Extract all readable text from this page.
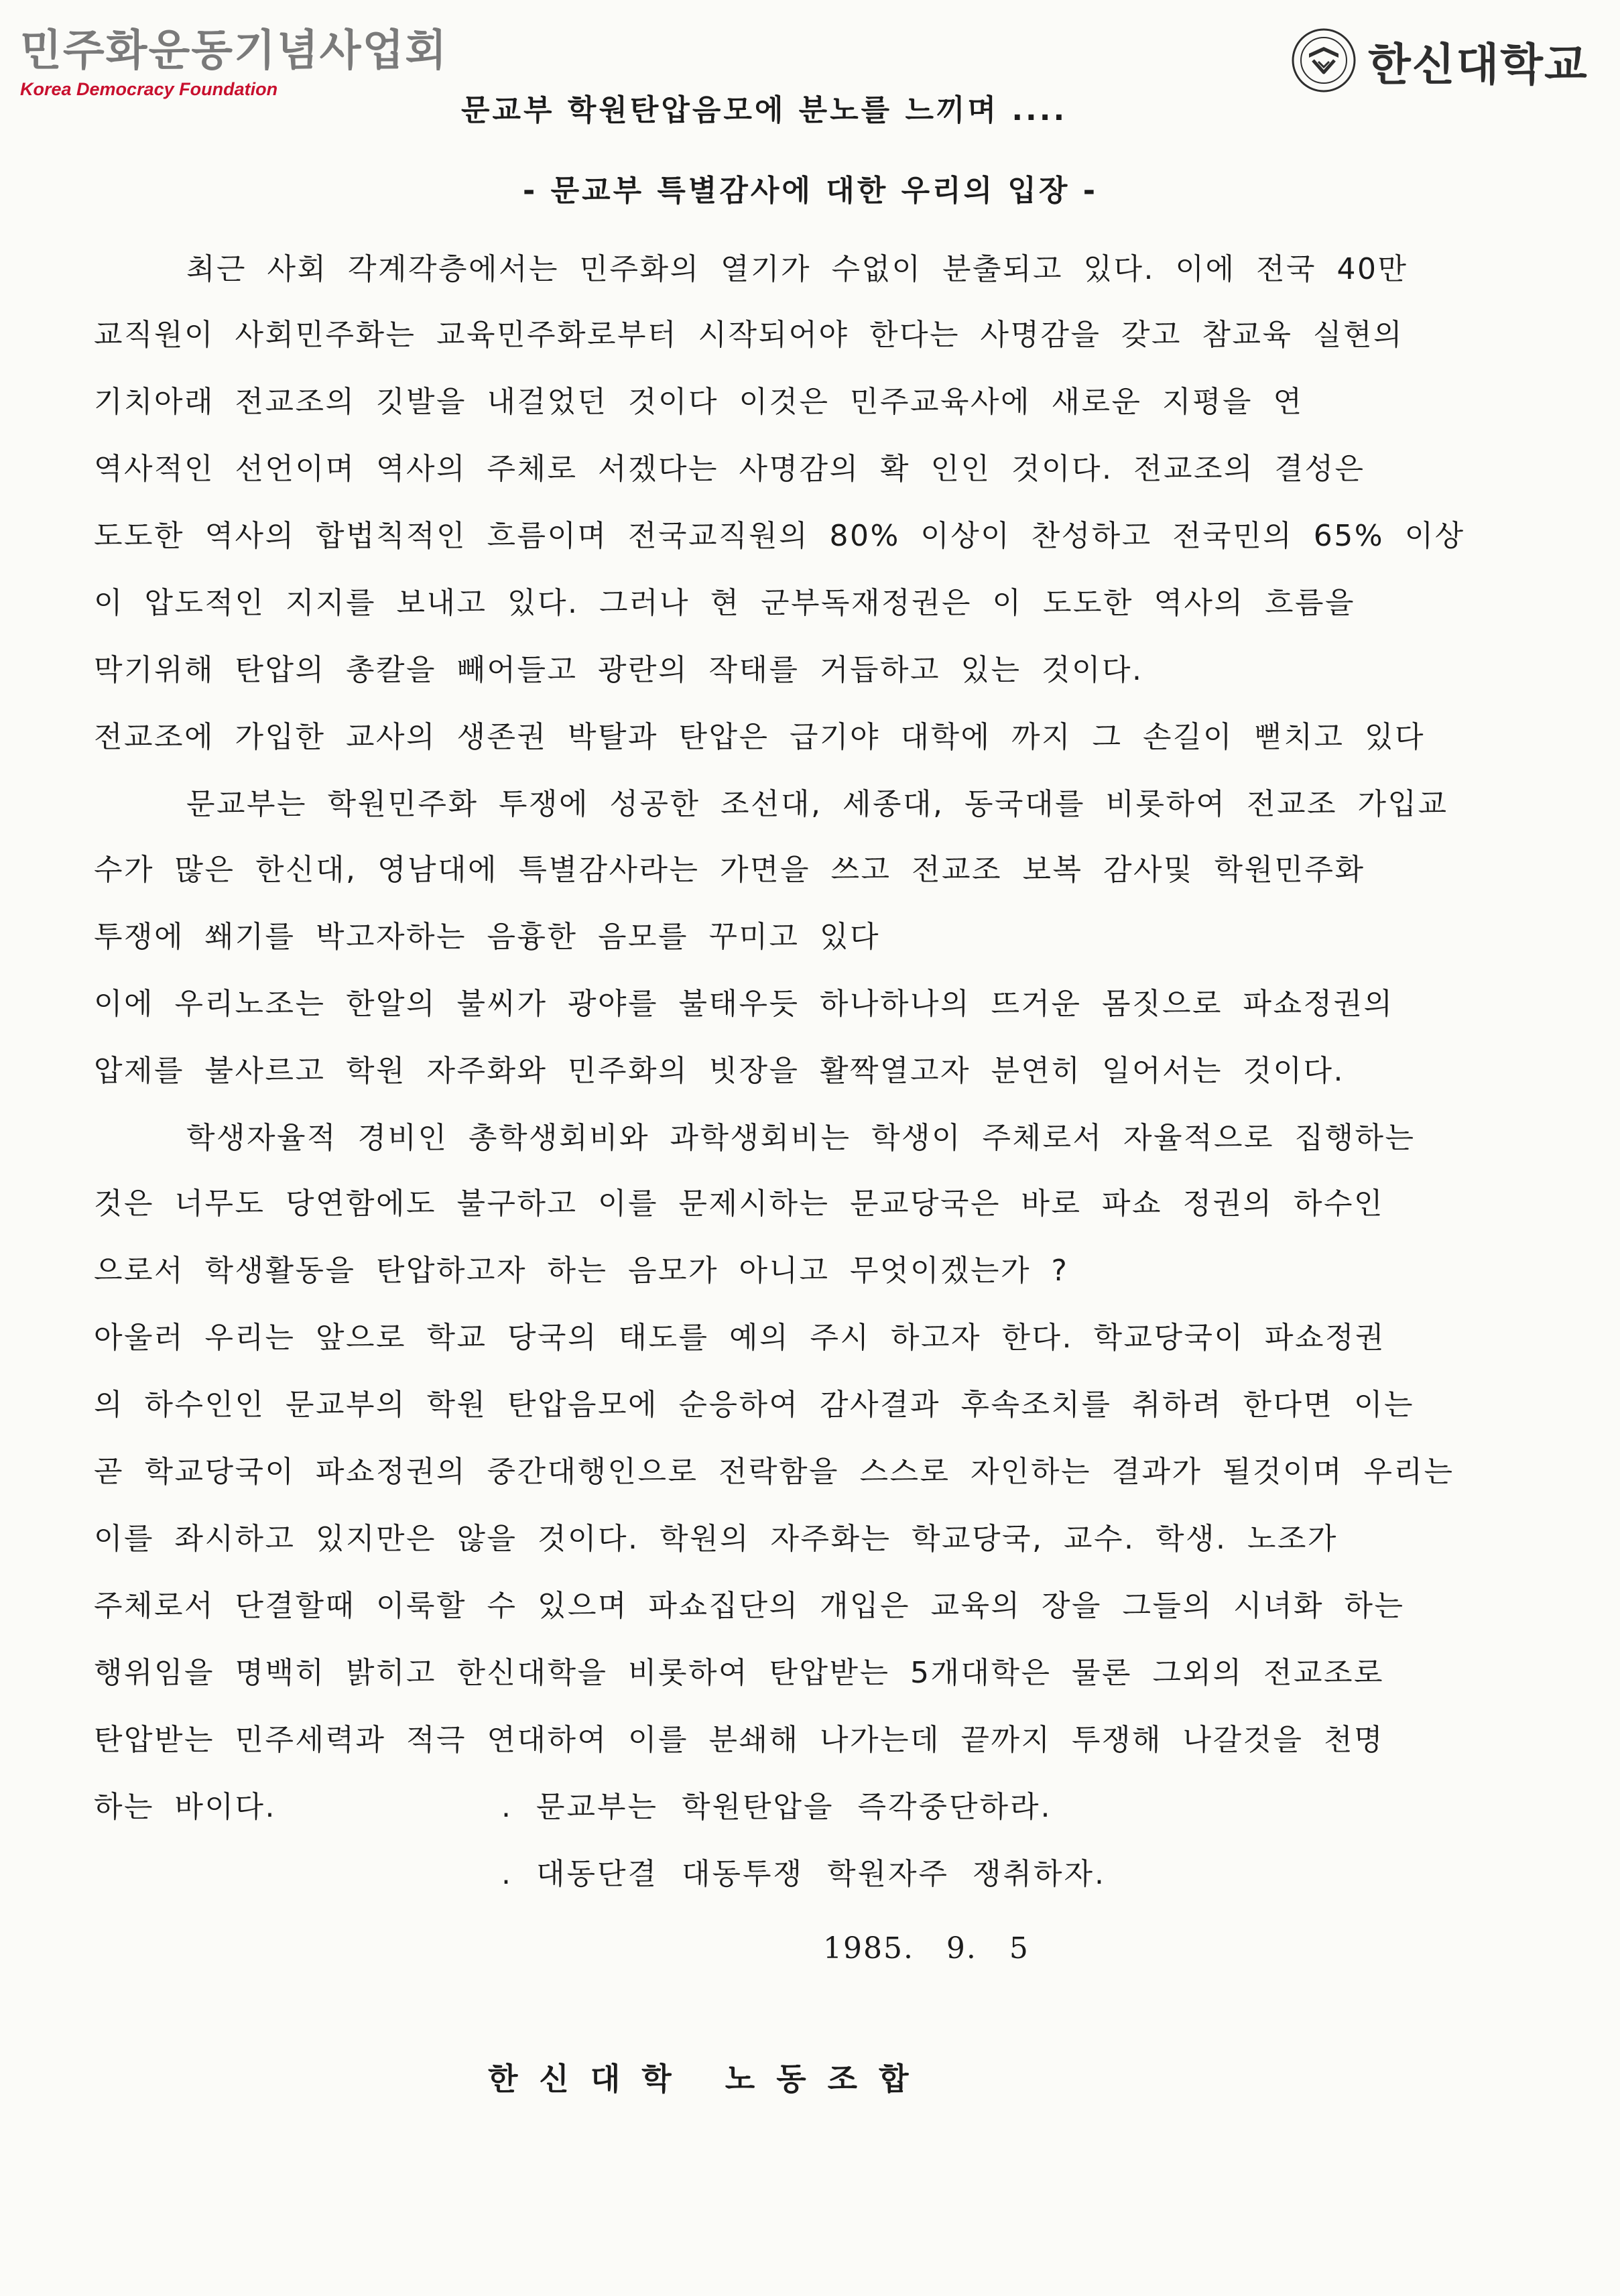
민주화운동기념사업회
Korea Democracy Foundation	한신대학교
문교부 학원탄압음모에 분노를 느끼며 ....
- 문교부 특별감사에 대한 우리의 입장 -
최근 사회 각계각층에서는 민주화의 열기가 수없이 분출되고 있다. 이에 전국 40만
교직원이 사회민주화는 교육민주화로부터 시작되어야 한다는 사명감을 갖고 참교육 실현의
기치아래 전교조의 깃발을 내걸었던 것이다 이것은 민주교육사에 새로운 지평을 연
역사적인 선언이며 역사의 주체로 서겠다는 사명감의 확 인인 것이다. 전교조의 결성은
도도한 역사의 합법칙적인 흐름이며 전국교직원의 80% 이상이 찬성하고 전국민의 65% 이상
이 압도적인 지지를 보내고 있다. 그러나 현 군부독재정권은 이 도도한 역사의 흐름을
막기위해 탄압의 총칼을 빼어들고 광란의 작태를 거듭하고 있는 것이다.
전교조에 가입한 교사의 생존권 박탈과 탄압은 급기야 대학에 까지 그 손길이 뻗치고 있다
문교부는 학원민주화 투쟁에 성공한 조선대, 세종대, 동국대를 비롯하여 전교조 가입교
수가 많은 한신대, 영남대에 특별감사라는 가면을 쓰고 전교조 보복 감사및 학원민주화
투쟁에 쐐기를 박고자하는 음흉한 음모를 꾸미고 있다
이에 우리노조는 한알의 불씨가 광야를 불태우듯 하나하나의 뜨거운 몸짓으로 파쇼정권의
압제를 불사르고 학원 자주화와 민주화의 빗장을 활짝열고자 분연히 일어서는 것이다.
학생자율적 경비인 총학생회비와 과학생회비는 학생이 주체로서 자율적으로 집행하는
것은 너무도 당연함에도 불구하고 이를 문제시하는 문교당국은 바로 파쇼 정권의 하수인
으로서 학생활동을 탄압하고자 하는 음모가 아니고 무엇이겠는가 ?
아울러 우리는 앞으로 학교 당국의 태도를 예의 주시 하고자 한다. 학교당국이 파쇼정권
의 하수인인 문교부의 학원 탄압음모에 순응하여 감사결과 후속조치를 취하려 한다면 이는
곧 학교당국이 파쇼정권의 중간대행인으로 전락함을 스스로 자인하는 결과가 될것이며 우리는
이를 좌시하고 있지만은 않을 것이다. 학원의 자주화는 학교당국, 교수. 학생. 노조가
주체로서 단결할때 이룩할 수 있으며 파쇼집단의 개입은 교육의 장을 그들의 시녀화 하는
행위임을 명백히 밝히고 한신대학을 비롯하여 탄압받는 5개대학은 물론 그외의 전교조로
탄압받는 민주세력과 적극 연대하여 이를 분쇄해 나가는데 끝까지 투쟁해 나갈것을 천명
하는 바이다.	. 문교부는 학원탄압을 즉각중단하라.
. 대동단결 대동투쟁 학원자주 쟁취하자.
1985.   9.   5
한신대학 노동조합
